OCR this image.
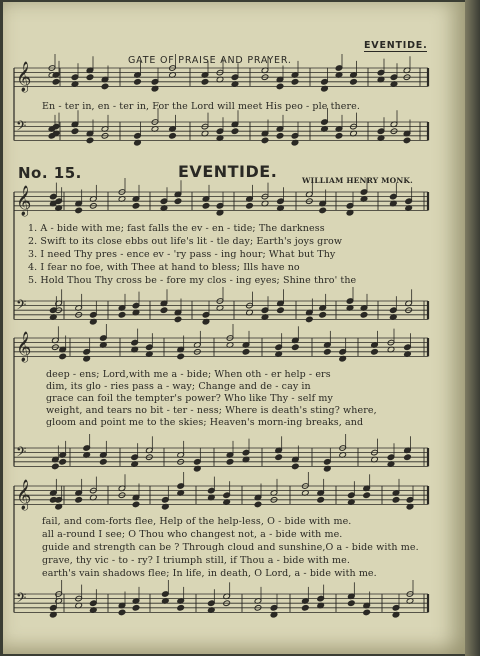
𝄞
𝄢
𝄞
𝄢
𝄞
𝄢
𝄞
𝄢
GATE OF PRAISE AND PRAYER.
EVENTIDE.
En - ter in, en - ter in, For the Lord will meet His peo - ple there.
No. 15.	EVENTIDE.	WILLIAM HENRY MONK.
1. A - bide with me; fast falls the ev - en - tide; The darkness
2. Swift to its close ebbs out life's lit - tle day; Earth's joys grow
3. I need Thy pres - ence ev - 'ry pass - ing hour; What but Thy
4. I fear no foe, with Thee at hand to bless; Ills have no
5. Hold Thou Thy cross be - fore my clos - ing eyes; Shine thro' the
deep - ens; Lord,with me a - bide; When oth - er help - ers
dim, its glo - ries pass a - way; Change and de - cay in
grace can foil the tempter's power? Who like Thy - self my
weight, and tears no bit - ter - ness; Where is death's sting? where,
gloom and point me to the skies; Heaven's morn-ing breaks, and
fail, and com-forts flee, Help of the help-less, O - bide with me.
all a-round I see; O Thou who changest not, a - bide with me.
guide and strength can be ? Through cloud and sunshine,O a - bide with me.
grave, thy vic - to - ry? I triumph still, if Thou a - bide with me.
earth's vain shadows flee; In life, in death, O Lord, a - bide with me.
